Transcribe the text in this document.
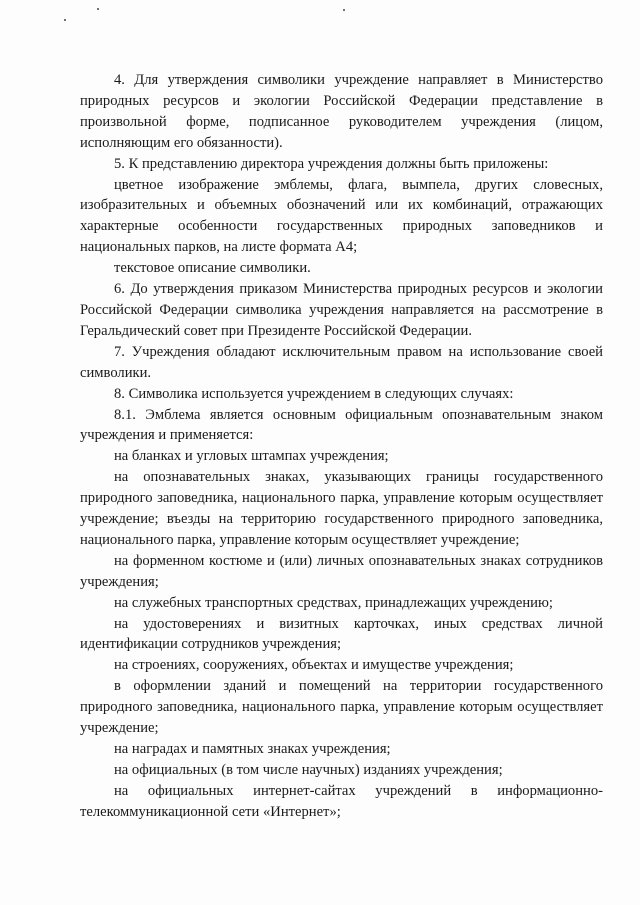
4. Для утверждения символики учреждение направляет в Министерство природных ресурсов и экологии Российской Федерации представление в произвольной форме, подписанное руководителем учреждения (лицом, исполняющим его обязанности).

5. К представлению директора учреждения должны быть приложены:

цветное изображение эмблемы, флага, вымпела, других словесных, изобразительных и объемных обозначений или их комбинаций, отражающих характерные особенности государственных природных заповедников и национальных парков, на листе формата А4;

текстовое описание символики.

6. До утверждения приказом Министерства природных ресурсов и экологии Российской Федерации символика учреждения направляется на рассмотрение в Геральдический совет при Президенте Российской Федерации.

7. Учреждения обладают исключительным правом на использование своей символики.

8. Символика используется учреждением в следующих случаях:

8.1. Эмблема является основным официальным опознавательным знаком учреждения и применяется:

на бланках и угловых штампах учреждения;

на опознавательных знаках, указывающих границы государственного природного заповедника, национального парка, управление которым осуществляет учреждение; въезды на территорию государственного природного заповедника, национального парка, управление которым осуществляет учреждение;

на форменном костюме и (или) личных опознавательных знаках сотрудников учреждения;

на служебных транспортных средствах, принадлежащих учреждению;

на удостоверениях и визитных карточках, иных средствах личной идентификации сотрудников учреждения;

на строениях, сооружениях, объектах и имуществе учреждения;

в оформлении зданий и помещений на территории государственного природного заповедника, национального парка, управление которым осуществляет учреждение;

на наградах и памятных знаках учреждения;

на официальных (в том числе научных) изданиях учреждения;

на официальных интернет-сайтах учреждений в информационно-телекоммуникационной сети «Интернет»;
